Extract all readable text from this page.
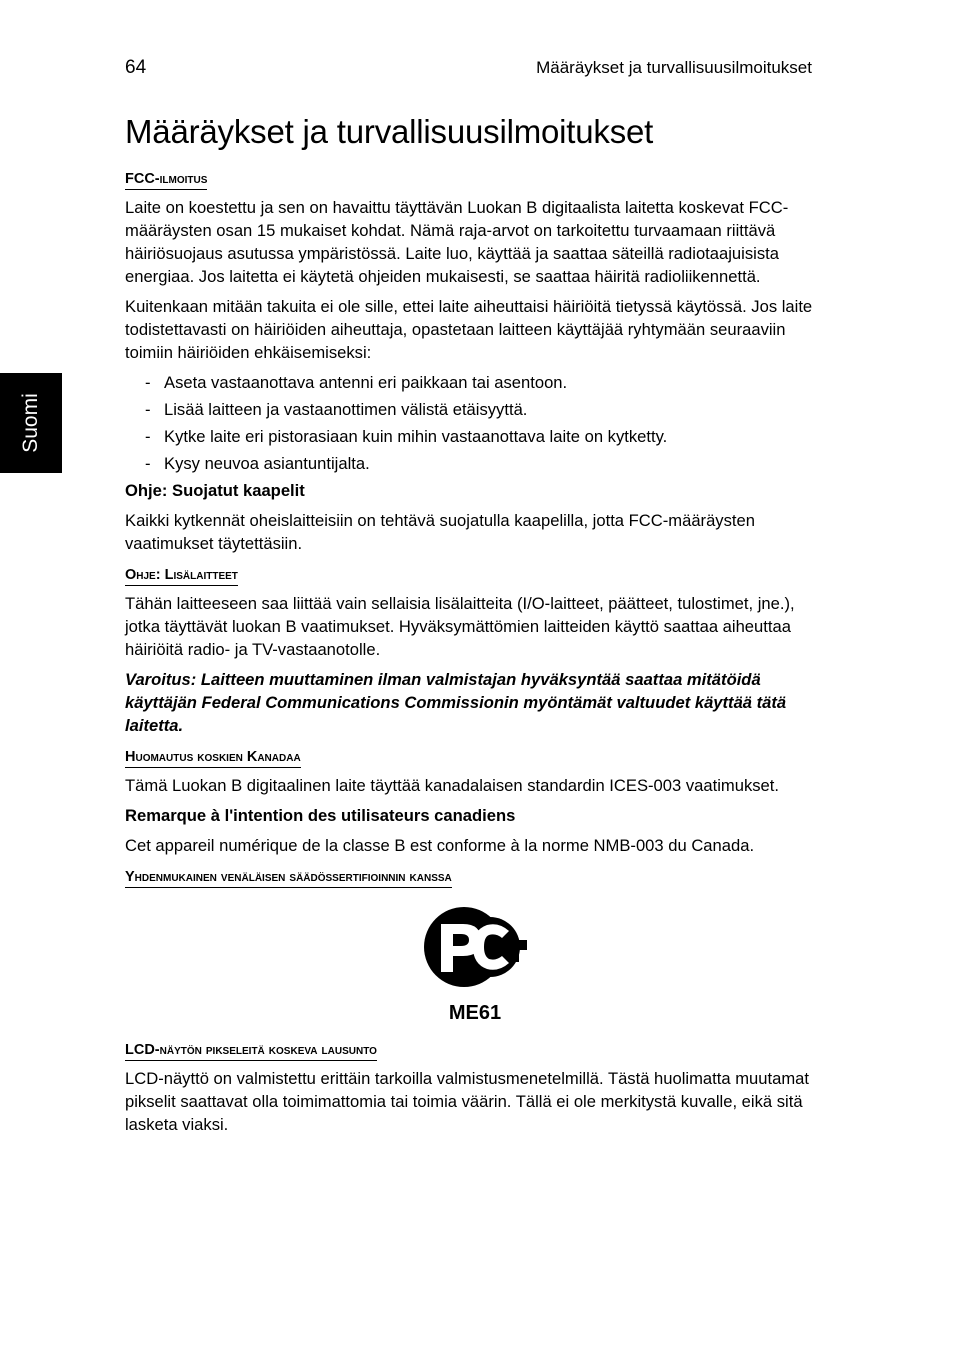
64	Määräykset ja turvallisuusilmoitukset
Suomi
Määräykset ja turvallisuusilmoitukset
FCC-ilmoitus

Laite on koestettu ja sen on havaittu täyttävän Luokan B digitaalista laitetta koskevat FCC-määräysten osan 15 mukaiset kohdat. Nämä raja-arvot on tarkoitettu turvaamaan riittävä häiriösuojaus asutussa ympäristössä. Laite luo, käyttää ja saattaa säteillä radiotaajuisista energiaa. Jos laitetta ei käytetä ohjeiden mukaisesti, se saattaa häiritä radioliikennettä.

Kuitenkaan mitään takuita ei ole sille, ettei laite aiheuttaisi häiriöitä tietyssä käytössä. Jos laite todistettavasti on häiriöiden aiheuttaja, opastetaan laitteen käyttäjää ryhtymään seuraaviin toimiin häiriöiden ehkäisemiseksi:

- Aseta vastaanottava antenni eri paikkaan tai asentoon.
- Lisää laitteen ja vastaanottimen välistä etäisyyttä.
- Kytke laite eri pistorasiaan kuin mihin vastaanottava laite on kytketty.
- Kysy neuvoa asiantuntijalta.

Ohje: Suojatut kaapelit

Kaikki kytkennät oheislaitteisiin on tehtävä suojatulla kaapelilla, jotta FCC-määräysten vaatimukset täytettäsiin.

Ohje: Lisälaitteet

Tähän laitteeseen saa liittää vain sellaisia lisälaitteita (I/O-laitteet, päätteet, tulostimet, jne.), jotka täyttävät luokan B vaatimukset. Hyväksymättömien laitteiden käyttö saattaa aiheuttaa häiriöitä radio- ja TV-vastaanotolle.

Varoitus: Laitteen muuttaminen ilman valmistajan hyväksyntää saattaa mitätöidä käyttäjän Federal Communications Commissionin myöntämät valtuudet käyttää tätä laitetta.

Huomautus koskien Kanadaa

Tämä Luokan B digitaalinen laite täyttää kanadalaisen standardin ICES-003 vaatimukset.

Remarque à l'intention des utilisateurs canadiens

Cet appareil numérique de la classe B est conforme à la norme NMB-003 du Canada.

Yhdenmukainen venäläisen säädössertifioinnin kanssa
ME61
LCD-näytön pikseleitä koskeva lausunto

LCD-näyttö on valmistettu erittäin tarkoilla valmistusmenetelmillä. Tästä huolimatta muutamat pikselit saattavat olla toimimattomia tai toimia väärin. Tällä ei ole merkitystä kuvalle, eikä sitä lasketa viaksi.
